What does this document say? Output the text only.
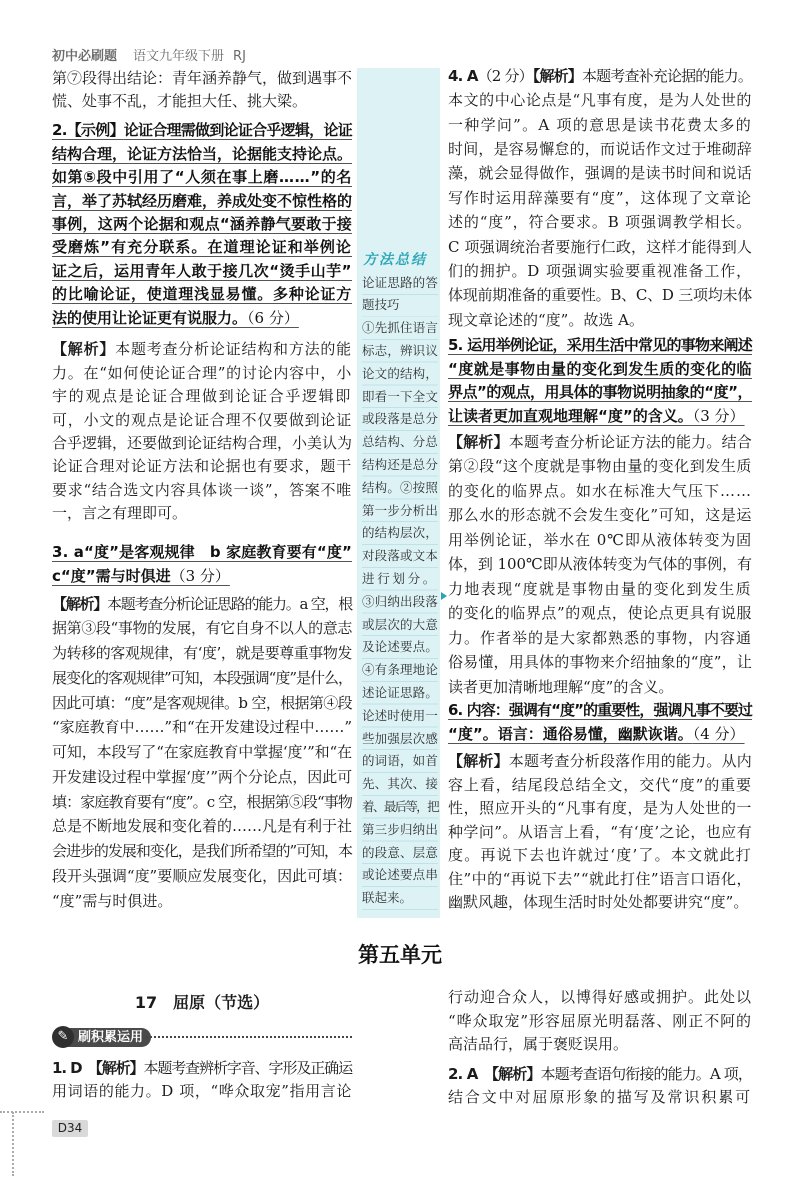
初中必刷题 语文九年级下册 RJ
第⑦段得出结论：青年涵养静气，做到遇事不
慌、处事不乱，才能担大任、挑大梁。
2.【示例】论证合理需做到论证合乎逻辑，论证
结构合理，论证方法恰当，论据能支持论点。
如第⑤段中引用了“人须在事上磨……”的名
言，举了苏轼经历磨难，养成处变不惊性格的
事例，这两个论据和观点“涵养静气要敢于接
受磨炼”有充分联系。在道理论证和举例论
证之后，运用青年人敢于接几次“烫手山芋”
的比喻论证，使道理浅显易懂。多种论证方
法的使用让论证更有说服力。（6 分）
【解析】本题考查分析论证结构和方法的能
力。在“如何使论证合理”的讨论内容中，小
宇的观点是论证合理做到论证合乎逻辑即
可，小文的观点是论证合理不仅要做到论证
合乎逻辑，还要做到论证结构合理，小美认为
论证合理对论证方法和论据也有要求，题干
要求“结合选文内容具体谈一谈”，答案不唯
一，言之有理即可。
3. a“度”是客观规律　b 家庭教育要有“度”
c“度”需与时俱进（3 分）
【解析】本题考查分析论证思路的能力。a 空，根
据第③段“事物的发展，有它自身不以人的意志
为转移的客观规律，有‘度’，就是要尊重事物发
展变化的客观规律”可知，本段强调“度”是什么，
因此可填：“度”是客观规律。b 空，根据第④段
“家庭教育中……”和“在开发建设过程中……”
可知，本段写了“在家庭教育中掌握‘度’”和“在
开发建设过程中掌握‘度’”两个分论点，因此可
填：家庭教育要有“度”。c 空，根据第⑤段“事物
总是不断地发展和变化着的……凡是有利于社
会进步的发展和变化，是我们所希望的”可知，本
段开头强调“度”要顺应发展变化，因此可填：
“度”需与时俱进。
方法总结
论证思路的答
题技巧
①先抓住语言
标志，辨识议
论文的结构，
即看一下全文
或段落是总分
总结构、分总
结构还是总分
结构。②按照
第一步分析出
的结构层次，
对段落或文本
进行划分。
③归纳出段落
或层次的大意
及论述要点。
④有条理地论
述论证思路。
论述时使用一
些加强层次感
的词语，如首
先、其次、接
着、最后等，把
第三步归纳出
的段意、层意
或论述要点串
联起来。
4. A（2 分）【解析】本题考查补充论据的能力。
本文的中心论点是“凡事有度，是为人处世的
一种学问”。A 项的意思是读书花费太多的
时间，是容易懈怠的，而说话作文过于堆砌辞
藻，就会显得做作，强调的是读书时间和说话
写作时运用辞藻要有“度”，这体现了文章论
述的“度”，符合要求。B 项强调教学相长。
C 项强调统治者要施行仁政，这样才能得到人
们的拥护。D 项强调实验要重视准备工作，
体现前期准备的重要性。B、C、D 三项均未体
现文章论述的“度”。故选 A。
5. 运用举例论证，采用生活中常见的事物来阐述
“度就是事物由量的变化到发生质的变化的临
界点”的观点，用具体的事物说明抽象的“度”，
让读者更加直观地理解“度”的含义。（3 分）
【解析】本题考查分析论证方法的能力。结合
第②段“这个度就是事物由量的变化到发生质
的变化的临界点。如水在标准大气压下……
那么水的形态就不会发生变化”可知，这是运
用举例论证，举水在 0℃即从液体转变为固
体，到 100℃即从液体转变为气体的事例，有
力地表现“度就是事物由量的变化到发生质
的变化的临界点”的观点，使论点更具有说服
力。作者举的是大家都熟悉的事物，内容通
俗易懂，用具体的事物来介绍抽象的“度”，让
读者更加清晰地理解“度”的含义。
6. 内容：强调有“度”的重要性，强调凡事不要过
“度”。语言：通俗易懂，幽默诙谐。（4 分）
【解析】本题考查分析段落作用的能力。从内
容上看，结尾段总结全文，交代“度”的重要
性，照应开头的“凡事有度，是为人处世的一
种学问”。从语言上看，“有‘度’之论，也应有
度。再说下去也许就过‘度’了。本文就此打
住”中的“再说下去”“就此打住”语言口语化，
幽默风趣，体现生活时时处处都要讲究“度”。
第五单元
17　屈原（节选）
✎ 刷积累运用
1. D　 【解析】本题考查辨析字音、字形及正确运
用词语的能力。D 项，“哗众取宠”指用言论
行动迎合众人，以博得好感或拥护。此处以
“哗众取宠”形容屈原光明磊落、刚正不阿的
高洁品行，属于褒贬误用。
2. A　 【解析】本题考查语句衔接的能力。A 项，
结合文中对屈原形象的描写及常识积累可
D34
